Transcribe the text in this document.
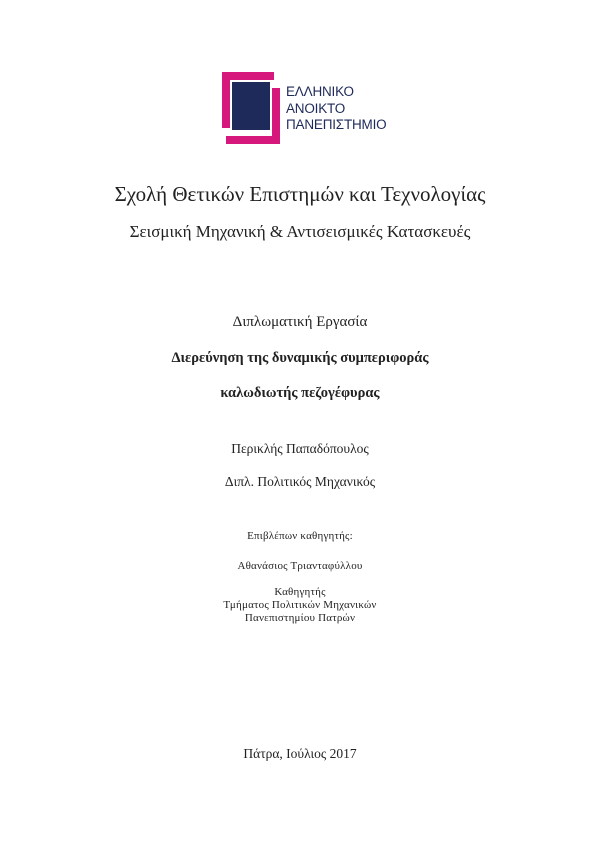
ΕΛΛΗΝΙΚΟ
ΑΝΟΙΚΤΟ
ΠΑΝΕΠΙΣΤΗΜΙΟ
Σχολή Θετικών Επιστημών και Τεχνολογίας
Σεισμική Μηχανική & Αντισεισμικές Κατασκευές
Διπλωματική Εργασία
Διερεύνηση της δυναμικής συμπεριφοράς
καλωδιωτής πεζογέφυρας
Περικλής Παπαδόπουλος
Διπλ. Πολιτικός Μηχανικός
Επιβλέπων καθηγητής:
Αθανάσιος Τριανταφύλλου
Καθηγητής
Τμήματος Πολιτικών Μηχανικών
Πανεπιστημίου Πατρών
Πάτρα, Ιούλιος 2017
